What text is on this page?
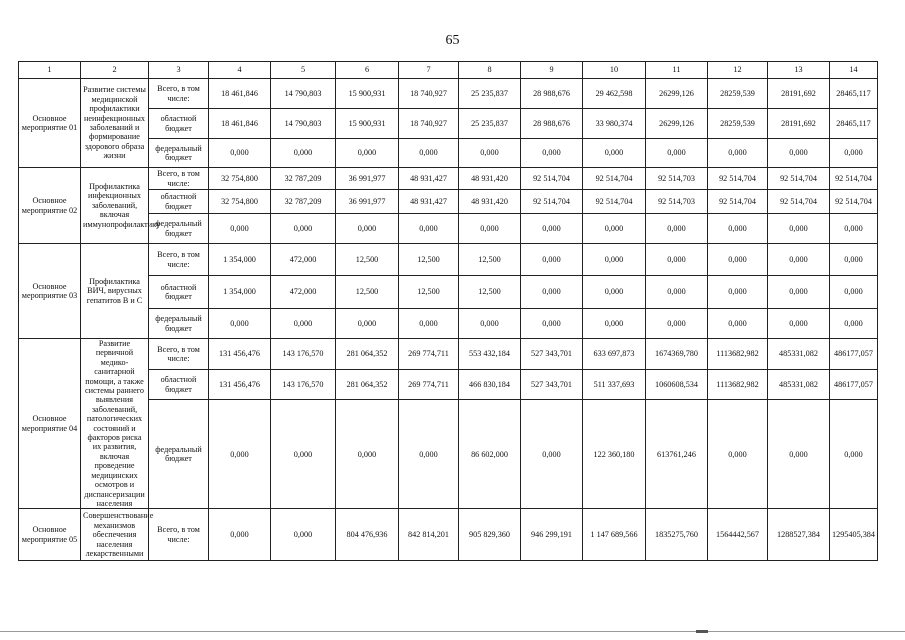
65
1	2	3	4	5	6	7	8	9	10	11	12	13	14
Основное мероприятие 01	Развитие системы медицинской профилактики неинфекционных заболеваний и формирование здорового образа жизни	Всего, в том числе:	18 461,846	14 790,803	15 900,931	18 740,927	25 235,837	28 988,676	29 462,598	26299,126	28259,539	28191,692	28465,117
		областной бюджет	18 461,846	14 790,803	15 900,931	18 740,927	25 235,837	28 988,676	33 980,374	26299,126	28259,539	28191,692	28465,117
		федеральный бюджет	0,000	0,000	0,000	0,000	0,000	0,000	0,000	0,000	0,000	0,000	0,000
Основное мероприятие 02	Профилактика инфекционных заболеваний, включая иммунопрофилактику	Всего, в том числе:	32 754,800	32 787,209	36 991,977	48 931,427	48 931,420	92 514,704	92 514,704	92 514,703	92 514,704	92 514,704	92 514,704
		областной бюджет	32 754,800	32 787,209	36 991,977	48 931,427	48 931,420	92 514,704	92 514,704	92 514,703	92 514,704	92 514,704	92 514,704
		федеральный бюджет	0,000	0,000	0,000	0,000	0,000	0,000	0,000	0,000	0,000	0,000	0,000
Основное мероприятие 03	Профилактика ВИЧ, вирусных гепатитов В и С	Всего, в том числе:	1 354,000	472,000	12,500	12,500	12,500	0,000	0,000	0,000	0,000	0,000	0,000
		областной бюджет	1 354,000	472,000	12,500	12,500	12,500	0,000	0,000	0,000	0,000	0,000	0,000
		федеральный бюджет	0,000	0,000	0,000	0,000	0,000	0,000	0,000	0,000	0,000	0,000	0,000
Основное мероприятие 04	Развитие первичной медико-санитарной помощи, а также системы раннего выявления заболеваний, патологических состояний и факторов риска их развития, включая проведение медицинских осмотров и диспансеризации населения	Всего, в том числе:	131 456,476	143 176,570	281 064,352	269 774,711	553 432,184	527 343,701	633 697,873	1674369,780	1113682,982	485331,082	486177,057
		областной бюджет	131 456,476	143 176,570	281 064,352	269 774,711	466 830,184	527 343,701	511 337,693	1060608,534	1113682,982	485331,082	486177,057
		федеральный бюджет	0,000	0,000	0,000	0,000	86 602,000	0,000	122 360,180	613761,246	0,000	0,000	0,000
Основное мероприятие 05	Совершенствование механизмов обеспечения населения лекарственными	Всего, в том числе:	0,000	0,000	804 476,936	842 814,201	905 829,360	946 299,191	1 147 689,566	1835275,760	1564442,567	1288527,384	1295405,384
